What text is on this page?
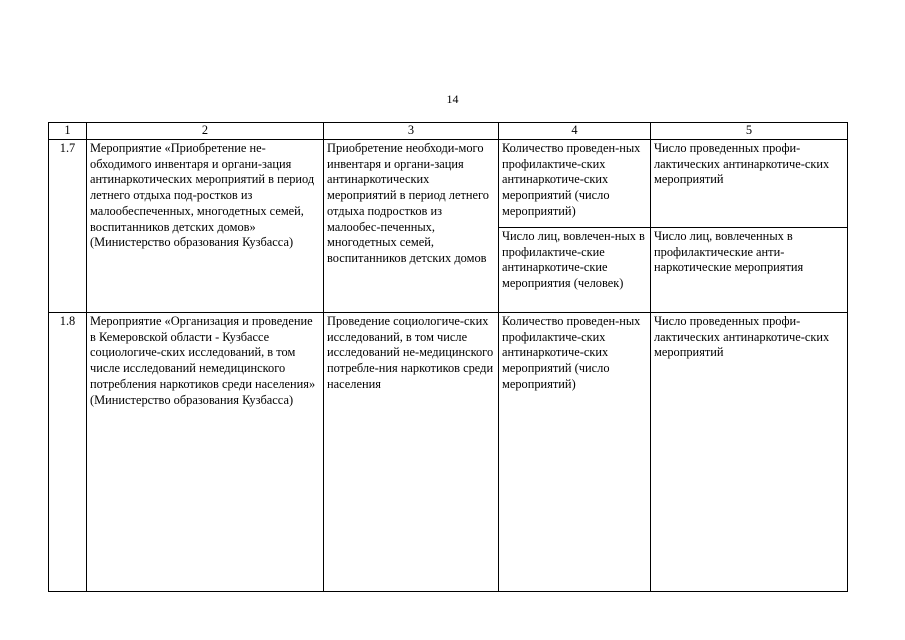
14
1	2	3	4	5
1.7	Мероприятие «Приобретение не-обходимого инвентаря и органи-зация антинаркотических мероприятий в период летнего отдыха под-ростков из малообеспеченных, многодетных семей, воспитанников детских домов» (Министерство образования Кузбасса)	Приобретение необходи-мого инвентаря и органи-зация антинаркотических мероприятий в период летнего отдыха подростков из малообес-печенных, многодетных семей, воспитанников детских домов	Количество проведен-ных профилактиче-ских антинаркотиче-ских мероприятий (число мероприятий)	Число проведенных профи-лактических антинаркотиче-ских мероприятий
			Число лиц, вовлечен-ных в профилактиче-ские антинаркотиче-ские мероприятия (человек)	Число лиц, вовлеченных в профилактические анти-наркотические мероприятия
1.8	Мероприятие «Организация и проведение в Кемеровской области - Кузбассе социологиче-ских исследований, в том числе исследований немедицинского потребления наркотиков среди населения» (Министерство образования Кузбасса)	Проведение социологиче-ских исследований, в том числе исследований не-медицинского потребле-ния наркотиков среди населения	Количество проведен-ных профилактиче-ских антинаркотиче-ских мероприятий (число мероприятий)	Число проведенных профи-лактических антинаркотиче-ских мероприятий
